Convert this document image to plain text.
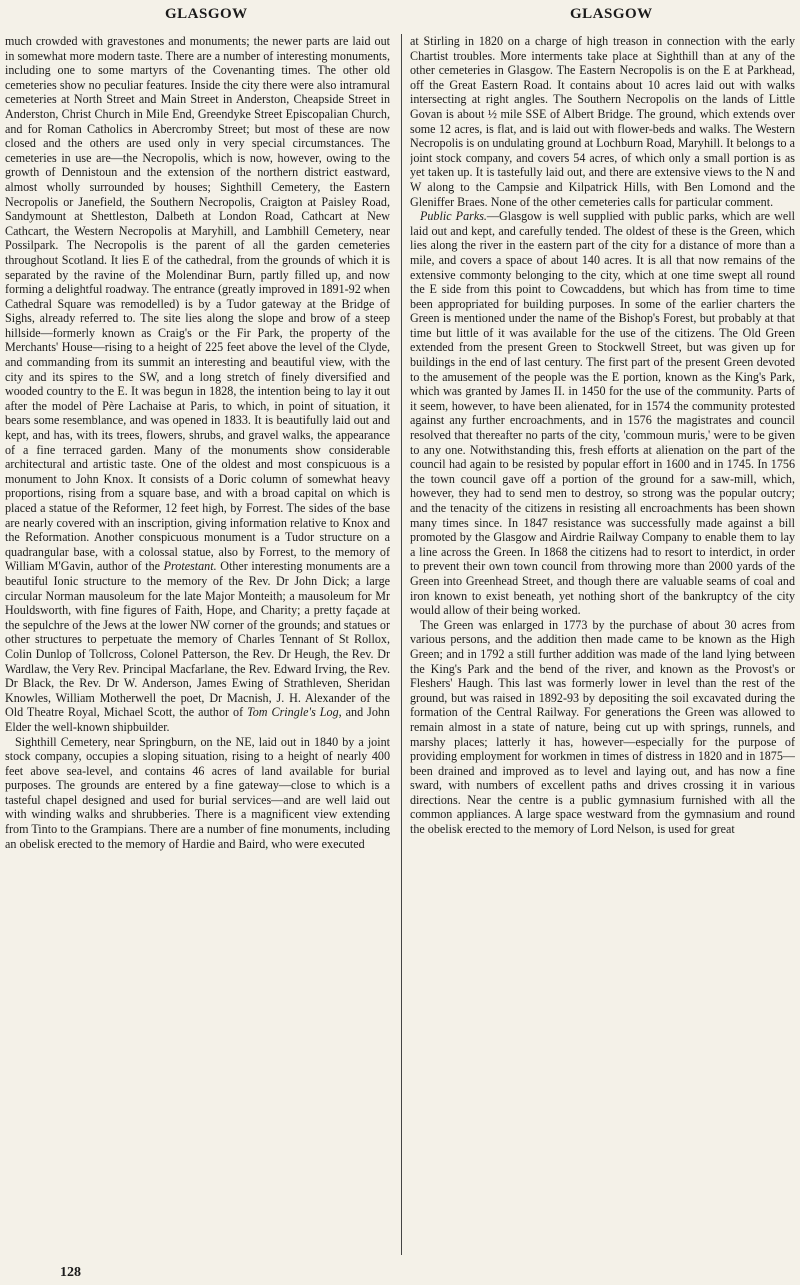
GLASGOW	GLASGOW

much crowded with gravestones and monuments; the newer parts are laid out in somewhat more modern taste. There are a number of interesting monuments, including one to some martyrs of the Covenanting times. The other old cemeteries show no peculiar features. Inside the city there were also intramural cemeteries at North Street and Main Street in Anderston, Cheapside Street in Anderston, Christ Church in Mile End, Greendyke Street Episcopalian Church, and for Roman Catholics in Abercromby Street; but most of these are now closed and the others are used only in very special circumstances. The cemeteries in use are—the Necropolis, which is now, however, owing to the growth of Dennistoun and the extension of the northern district eastward, almost wholly surrounded by houses; Sighthill Cemetery, the Eastern Necropolis or Janefield, the Southern Necropolis, Craigton at Paisley Road, Sandymount at Shettleston, Dalbeth at London Road, Cathcart at New Cathcart, the Western Necropolis at Maryhill, and Lambhill Cemetery, near Possilpark. The Necropolis is the parent of all the garden cemeteries throughout Scotland. It lies E of the cathedral, from the grounds of which it is separated by the ravine of the Molendinar Burn, partly filled up, and now forming a delightful roadway. The entrance (greatly improved in 1891-92 when Cathedral Square was remodelled) is by a Tudor gateway at the Bridge of Sighs, already referred to. The site lies along the slope and brow of a steep hillside—formerly known as Craig's or the Fir Park, the property of the Merchants' House—rising to a height of 225 feet above the level of the Clyde, and commanding from its summit an interesting and beautiful view, with the city and its spires to the SW, and a long stretch of finely diversified and wooded country to the E. It was begun in 1828, the intention being to lay it out after the model of Père Lachaise at Paris, to which, in point of situation, it bears some resemblance, and was opened in 1833. It is beautifully laid out and kept, and has, with its trees, flowers, shrubs, and gravel walks, the appearance of a fine terraced garden. Many of the monuments show considerable architectural and artistic taste. One of the oldest and most conspicuous is a monument to John Knox. It consists of a Doric column of somewhat heavy proportions, rising from a square base, and with a broad capital on which is placed a statue of the Reformer, 12 feet high, by Forrest. The sides of the base are nearly covered with an inscription, giving information relative to Knox and the Reformation. Another conspicuous monument is a Tudor structure on a quadrangular base, with a colossal statue, also by Forrest, to the memory of William M'Gavin, author of the Protestant. Other interesting monuments are a beautiful Ionic structure to the memory of the Rev. Dr John Dick; a large circular Norman mausoleum for the late Major Monteith; a mausoleum for Mr Houldsworth, with fine figures of Faith, Hope, and Charity; a pretty façade at the sepulchre of the Jews at the lower NW corner of the grounds; and statues or other structures to perpetuate the memory of Charles Tennant of St Rollox, Colin Dunlop of Tollcross, Colonel Patterson, the Rev. Dr Heugh, the Rev. Dr Wardlaw, the Very Rev. Principal Macfarlane, the Rev. Edward Irving, the Rev. Dr Black, the Rev. Dr W. Anderson, James Ewing of Strathleven, Sheridan Knowles, William Motherwell the poet, Dr Macnish, J. H. Alexander of the Old Theatre Royal, Michael Scott, the author of Tom Cringle's Log, and John Elder the well-known shipbuilder.

Sighthill Cemetery, near Springburn, on the NE, laid out in 1840 by a joint stock company, occupies a sloping situation, rising to a height of nearly 400 feet above sea-level, and contains 46 acres of land available for burial purposes. The grounds are entered by a fine gateway—close to which is a tasteful chapel designed and used for burial services—and are well laid out with winding walks and shrubberies. There is a magnificent view extending from Tinto to the Grampians. There are a number of fine monuments, including an obelisk erected to the memory of Hardie and Baird, who were executed

at Stirling in 1820 on a charge of high treason in connection with the early Chartist troubles. More interments take place at Sighthill than at any of the other cemeteries in Glasgow. The Eastern Necropolis is on the E at Parkhead, off the Great Eastern Road. It contains about 10 acres laid out with walks intersecting at right angles. The Southern Necropolis on the lands of Little Govan is about ½ mile SSE of Albert Bridge. The ground, which extends over some 12 acres, is flat, and is laid out with flower-beds and walks. The Western Necropolis is on undulating ground at Lochburn Road, Maryhill. It belongs to a joint stock company, and covers 54 acres, of which only a small portion is as yet taken up. It is tastefully laid out, and there are extensive views to the N and W along to the Campsie and Kilpatrick Hills, with Ben Lomond and the Gleniffer Braes. None of the other cemeteries calls for particular comment.

Public Parks.—Glasgow is well supplied with public parks, which are well laid out and kept, and carefully tended. The oldest of these is the Green, which lies along the river in the eastern part of the city for a distance of more than a mile, and covers a space of about 140 acres. It is all that now remains of the extensive commonty belonging to the city, which at one time swept all round the E side from this point to Cowcaddens, but which has from time to time been appropriated for building purposes. In some of the earlier charters the Green is mentioned under the name of the Bishop's Forest, but probably at that time but little of it was available for the use of the citizens. The Old Green extended from the present Green to Stockwell Street, but was given up for buildings in the end of last century. The first part of the present Green devoted to the amusement of the people was the E portion, known as the King's Park, which was granted by James II. in 1450 for the use of the community. Parts of it seem, however, to have been alienated, for in 1574 the community protested against any further encroachments, and in 1576 the magistrates and council resolved that thereafter no parts of the city, 'commoun muris,' were to be given to any one. Notwithstanding this, fresh efforts at alienation on the part of the council had again to be resisted by popular effort in 1600 and in 1745. In 1756 the town council gave off a portion of the ground for a saw-mill, which, however, they had to send men to destroy, so strong was the popular outcry; and the tenacity of the citizens in resisting all encroachments has been shown many times since. In 1847 resistance was successfully made against a bill promoted by the Glasgow and Airdrie Railway Company to enable them to lay a line across the Green. In 1868 the citizens had to resort to interdict, in order to prevent their own town council from throwing more than 2000 yards of the Green into Greenhead Street, and though there are valuable seams of coal and iron known to exist beneath, yet nothing short of the bankruptcy of the city would allow of their being worked.

The Green was enlarged in 1773 by the purchase of about 30 acres from various persons, and the addition then made came to be known as the High Green; and in 1792 a still further addition was made of the land lying between the King's Park and the bend of the river, and known as the Provost's or Fleshers' Haugh. This last was formerly lower in level than the rest of the ground, but was raised in 1892-93 by depositing the soil excavated during the formation of the Central Railway. For generations the Green was allowed to remain almost in a state of nature, being cut up with springs, runnels, and marshy places; latterly it has, however—especially for the purpose of providing employment for workmen in times of distress in 1820 and in 1875—been drained and improved as to level and laying out, and has now a fine sward, with numbers of excellent paths and drives crossing it in various directions. Near the centre is a public gymnasium furnished with all the common appliances. A large space westward from the gymnasium and round the obelisk erected to the memory of Lord Nelson, is used for great

128
